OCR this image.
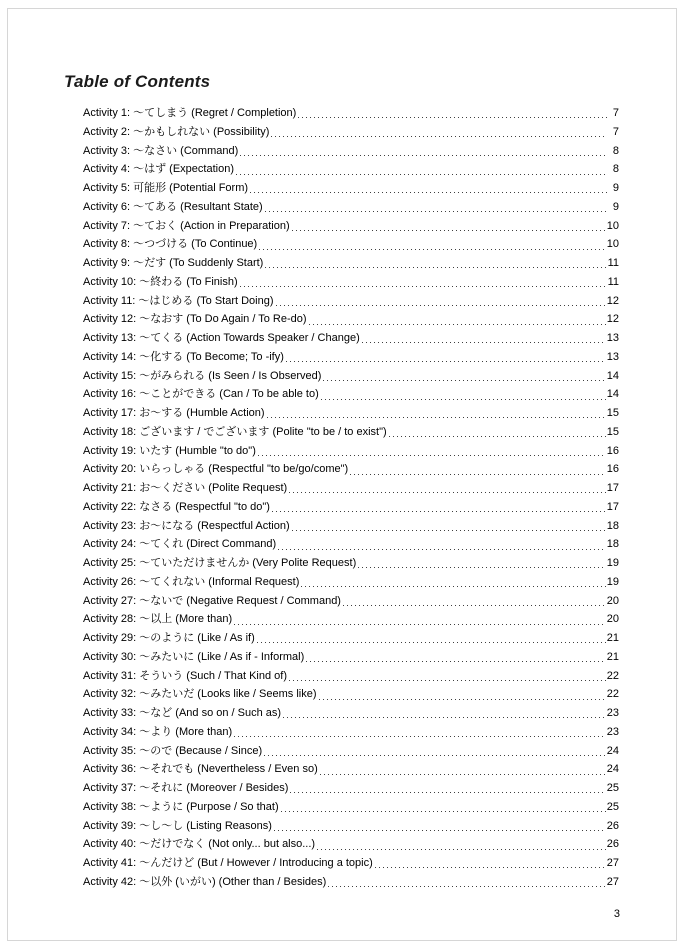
Table of Contents
Activity 1: ～てしまう (Regret / Completion)	7
Activity 2: ～かもしれない (Possibility)	7
Activity 3: ～なさい (Command)	8
Activity 4: ～はず (Expectation)	8
Activity 5: 可能形 (Potential Form)	9
Activity 6: ～てある (Resultant State)	9
Activity 7: ～ておく (Action in Preparation)	10
Activity 8: ～つづける (To Continue)	10
Activity 9: ～だす (To Suddenly Start)	11
Activity 10: ～終わる (To Finish)	11
Activity 11: ～はじめる (To Start Doing)	12
Activity 12: ～なおす (To Do Again / To Re-do)	12
Activity 13: ～てくる (Action Towards Speaker / Change)	13
Activity 14: ～化する (To Become; To -ify)	13
Activity 15: ～がみられる (Is Seen / Is Observed)	14
Activity 16: ～ことができる (Can / To be able to)	14
Activity 17: お～する (Humble Action)	15
Activity 18: ございます / でございます (Polite "to be / to exist")	15
Activity 19: いたす (Humble "to do")	16
Activity 20: いらっしゃる (Respectful "to be/go/come")	16
Activity 21: お～ください (Polite Request)	17
Activity 22: なさる (Respectful "to do")	17
Activity 23: お～になる (Respectful Action)	18
Activity 24: ～てくれ (Direct Command)	18
Activity 25: ～ていただけませんか (Very Polite Request)	19
Activity 26: ～てくれない (Informal Request)	19
Activity 27: ～ないで (Negative Request / Command)	20
Activity 28: ～以上 (More than)	20
Activity 29: ～のように (Like / As if)	21
Activity 30: ～みたいに (Like / As if - Informal)	21
Activity 31: そういう (Such / That Kind of)	22
Activity 32: ～みたいだ (Looks like / Seems like)	22
Activity 33: ～など (And so on / Such as)	23
Activity 34: ～より (More than)	23
Activity 35: ～ので (Because / Since)	24
Activity 36: ～それでも (Nevertheless / Even so)	24
Activity 37: ～それに (Moreover / Besides)	25
Activity 38: ～ように (Purpose / So that)	25
Activity 39: ～し～し (Listing Reasons)	26
Activity 40: ～だけでなく (Not only... but also...)	26
Activity 41: ～んだけど (But / However / Introducing a topic)	27
Activity 42: ～以外 (いがい) (Other than / Besides)	27
3
